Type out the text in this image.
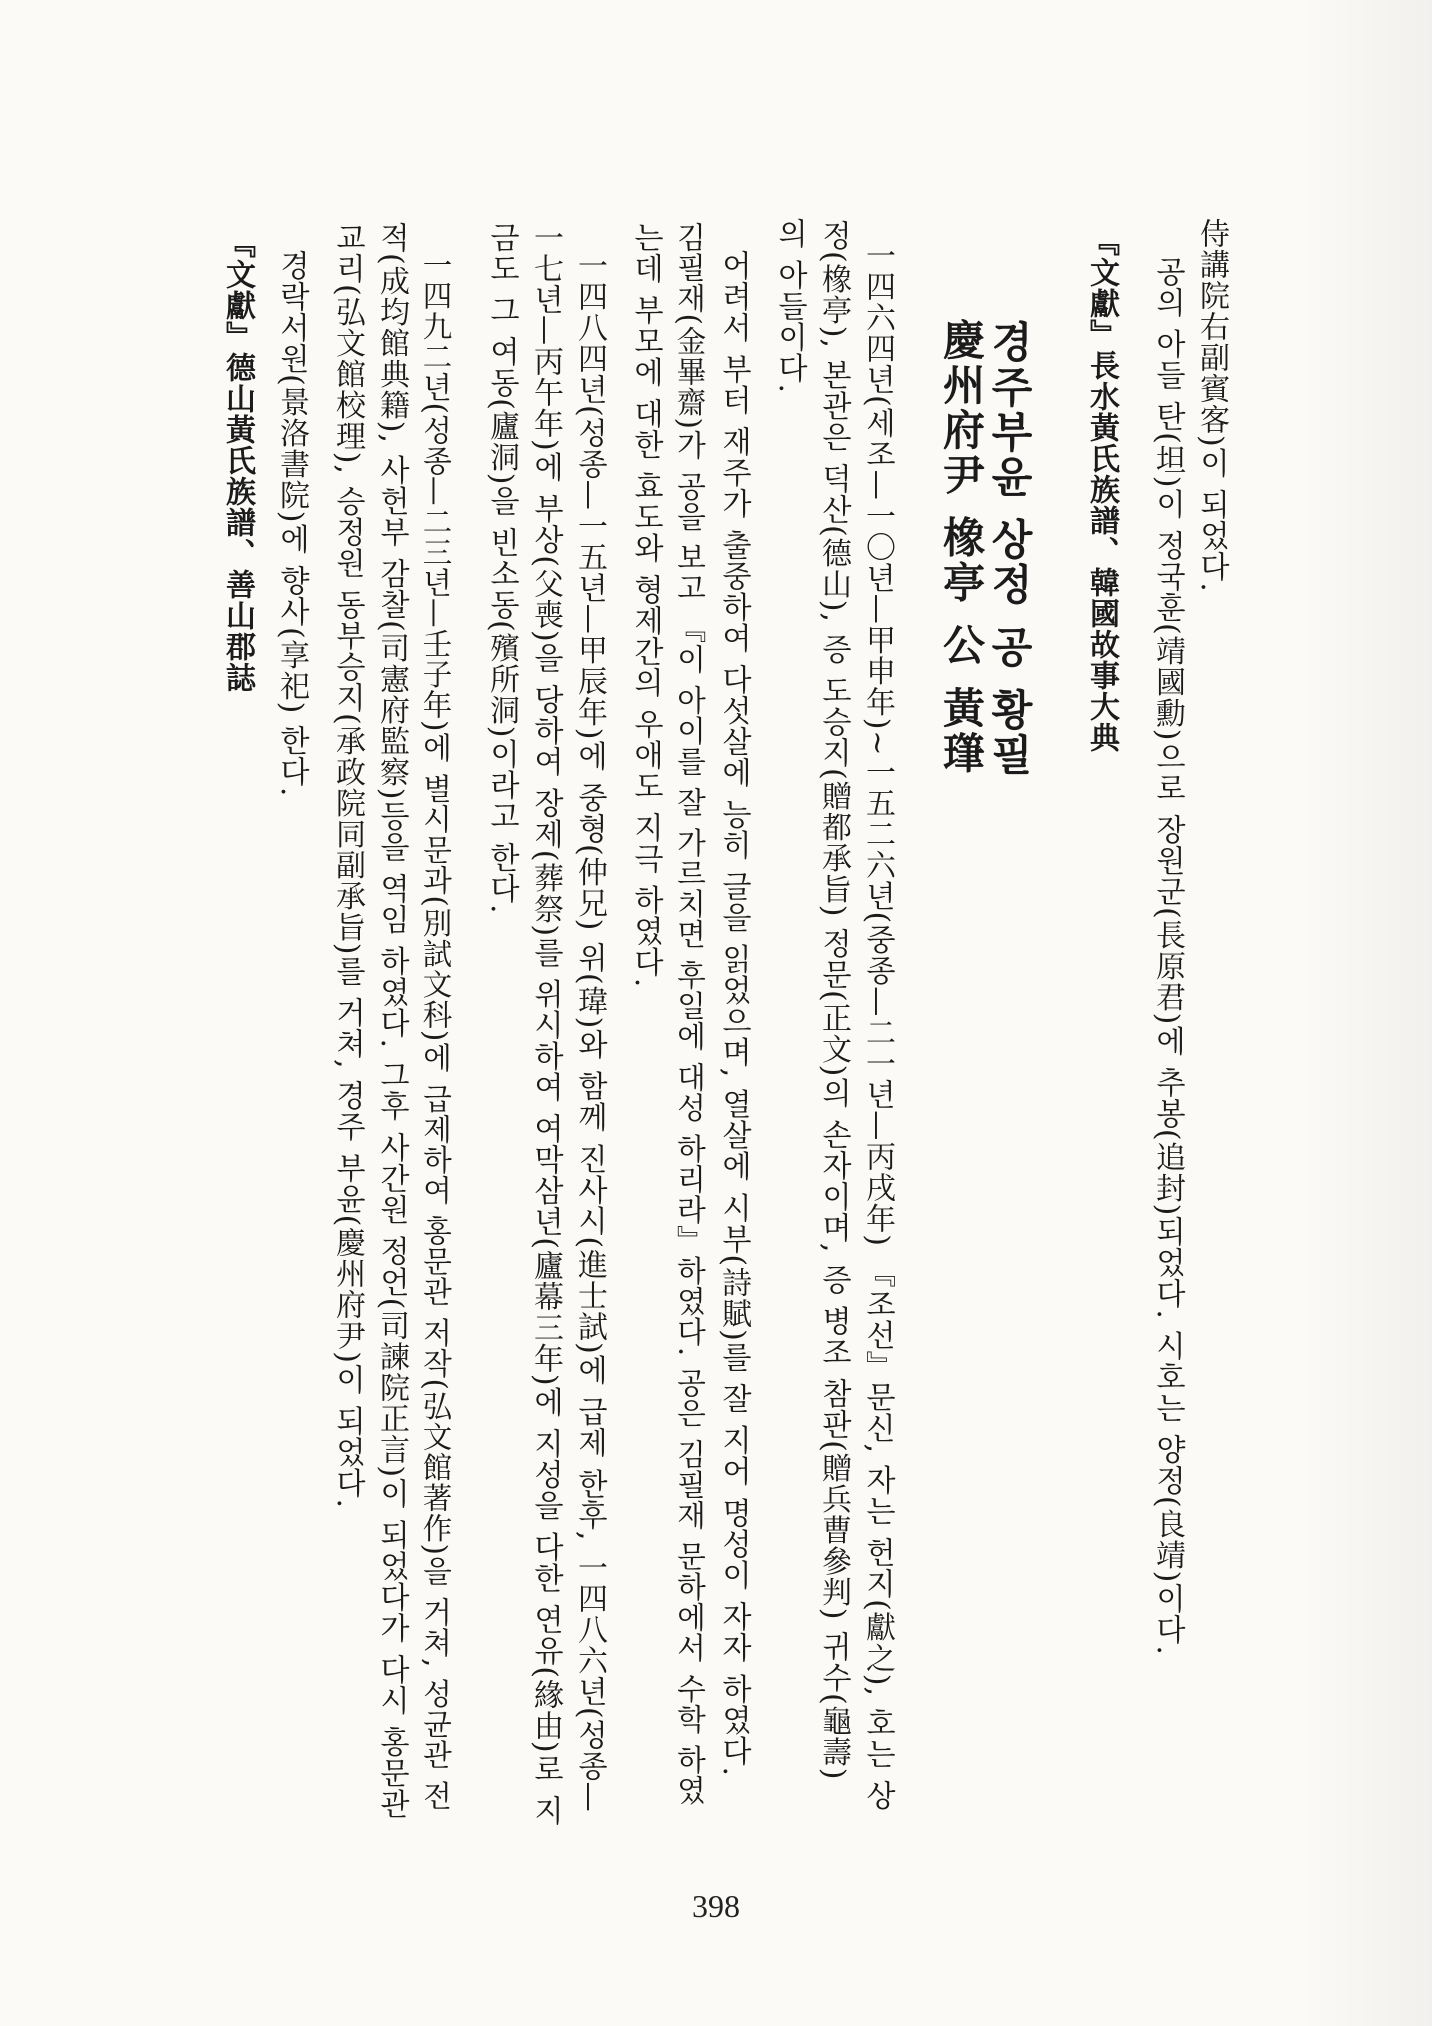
侍講院右副賓客)이 되었다.
공의 아들 탄(坦)이 정국훈(靖國勳)으로 장원군(長原君)에 추봉(追封)되었다. 시호는 양정(良靖)이다.
『文獻』長水黃氏族譜、韓國故事大典
경주부윤 상정 공 황필
慶州府尹 橡亭 公 黃㻶
一四六四년(세조—一〇년—甲申年)~一五二六년(중종—二一년—丙戌年) 『조선』문신, 자는 헌지(獻之), 호는 상
정(橡亭), 본관은 덕산(德山), 증 도승지(贈都承旨) 정문(正文)의 손자이며, 증 병조 참판(贈兵曹參判) 귀수(龜壽)
의 아들이다.
어려서 부터 재주가 출중하여 다섯살에 능히 글을 읽었으며, 열살에 시부(詩賦)를 잘 지어 명성이 자자 하였다.
김필재(金畢齋)가 공을 보고 『이 아이를 잘 가르치면 후일에 대성 하리라』하였다. 공은 김필재 문하에서 수학 하였
는데 부모에 대한 효도와 형제간의 우애도 지극 하였다.
一四八四년(성종—一五년—甲辰年)에 중형(仲兄) 위(瑋)와 함께 진사시(進士試)에 급제 한후, 一四八六년(성종—
一七년—丙午年)에 부상(父喪)을 당하여 장제(葬祭)를 위시하여 여막삼년(廬幕三年)에 지성을 다한 연유(緣由)로 지
금도 그 여동(廬洞)을 빈소동(殯所洞)이라고 한다.
一四九二년(성종—二三년—壬子年)에 별시문과(別試文科)에 급제하여 홍문관 저작(弘文館著作)을 거쳐, 성균관 전
적(成均館典籍), 사헌부 감찰(司憲府監察)등을 역임 하였다. 그후 사간원 정언(司諫院正言)이 되었다가 다시 홍문관
교리(弘文館校理), 승정원 동부승지(承政院同副承旨)를 거쳐, 경주 부윤(慶州府尹)이 되었다.
경락서원(景洛書院)에 향사(享祀) 한다.
『文獻』德山黃氏族譜、善山郡誌
398
